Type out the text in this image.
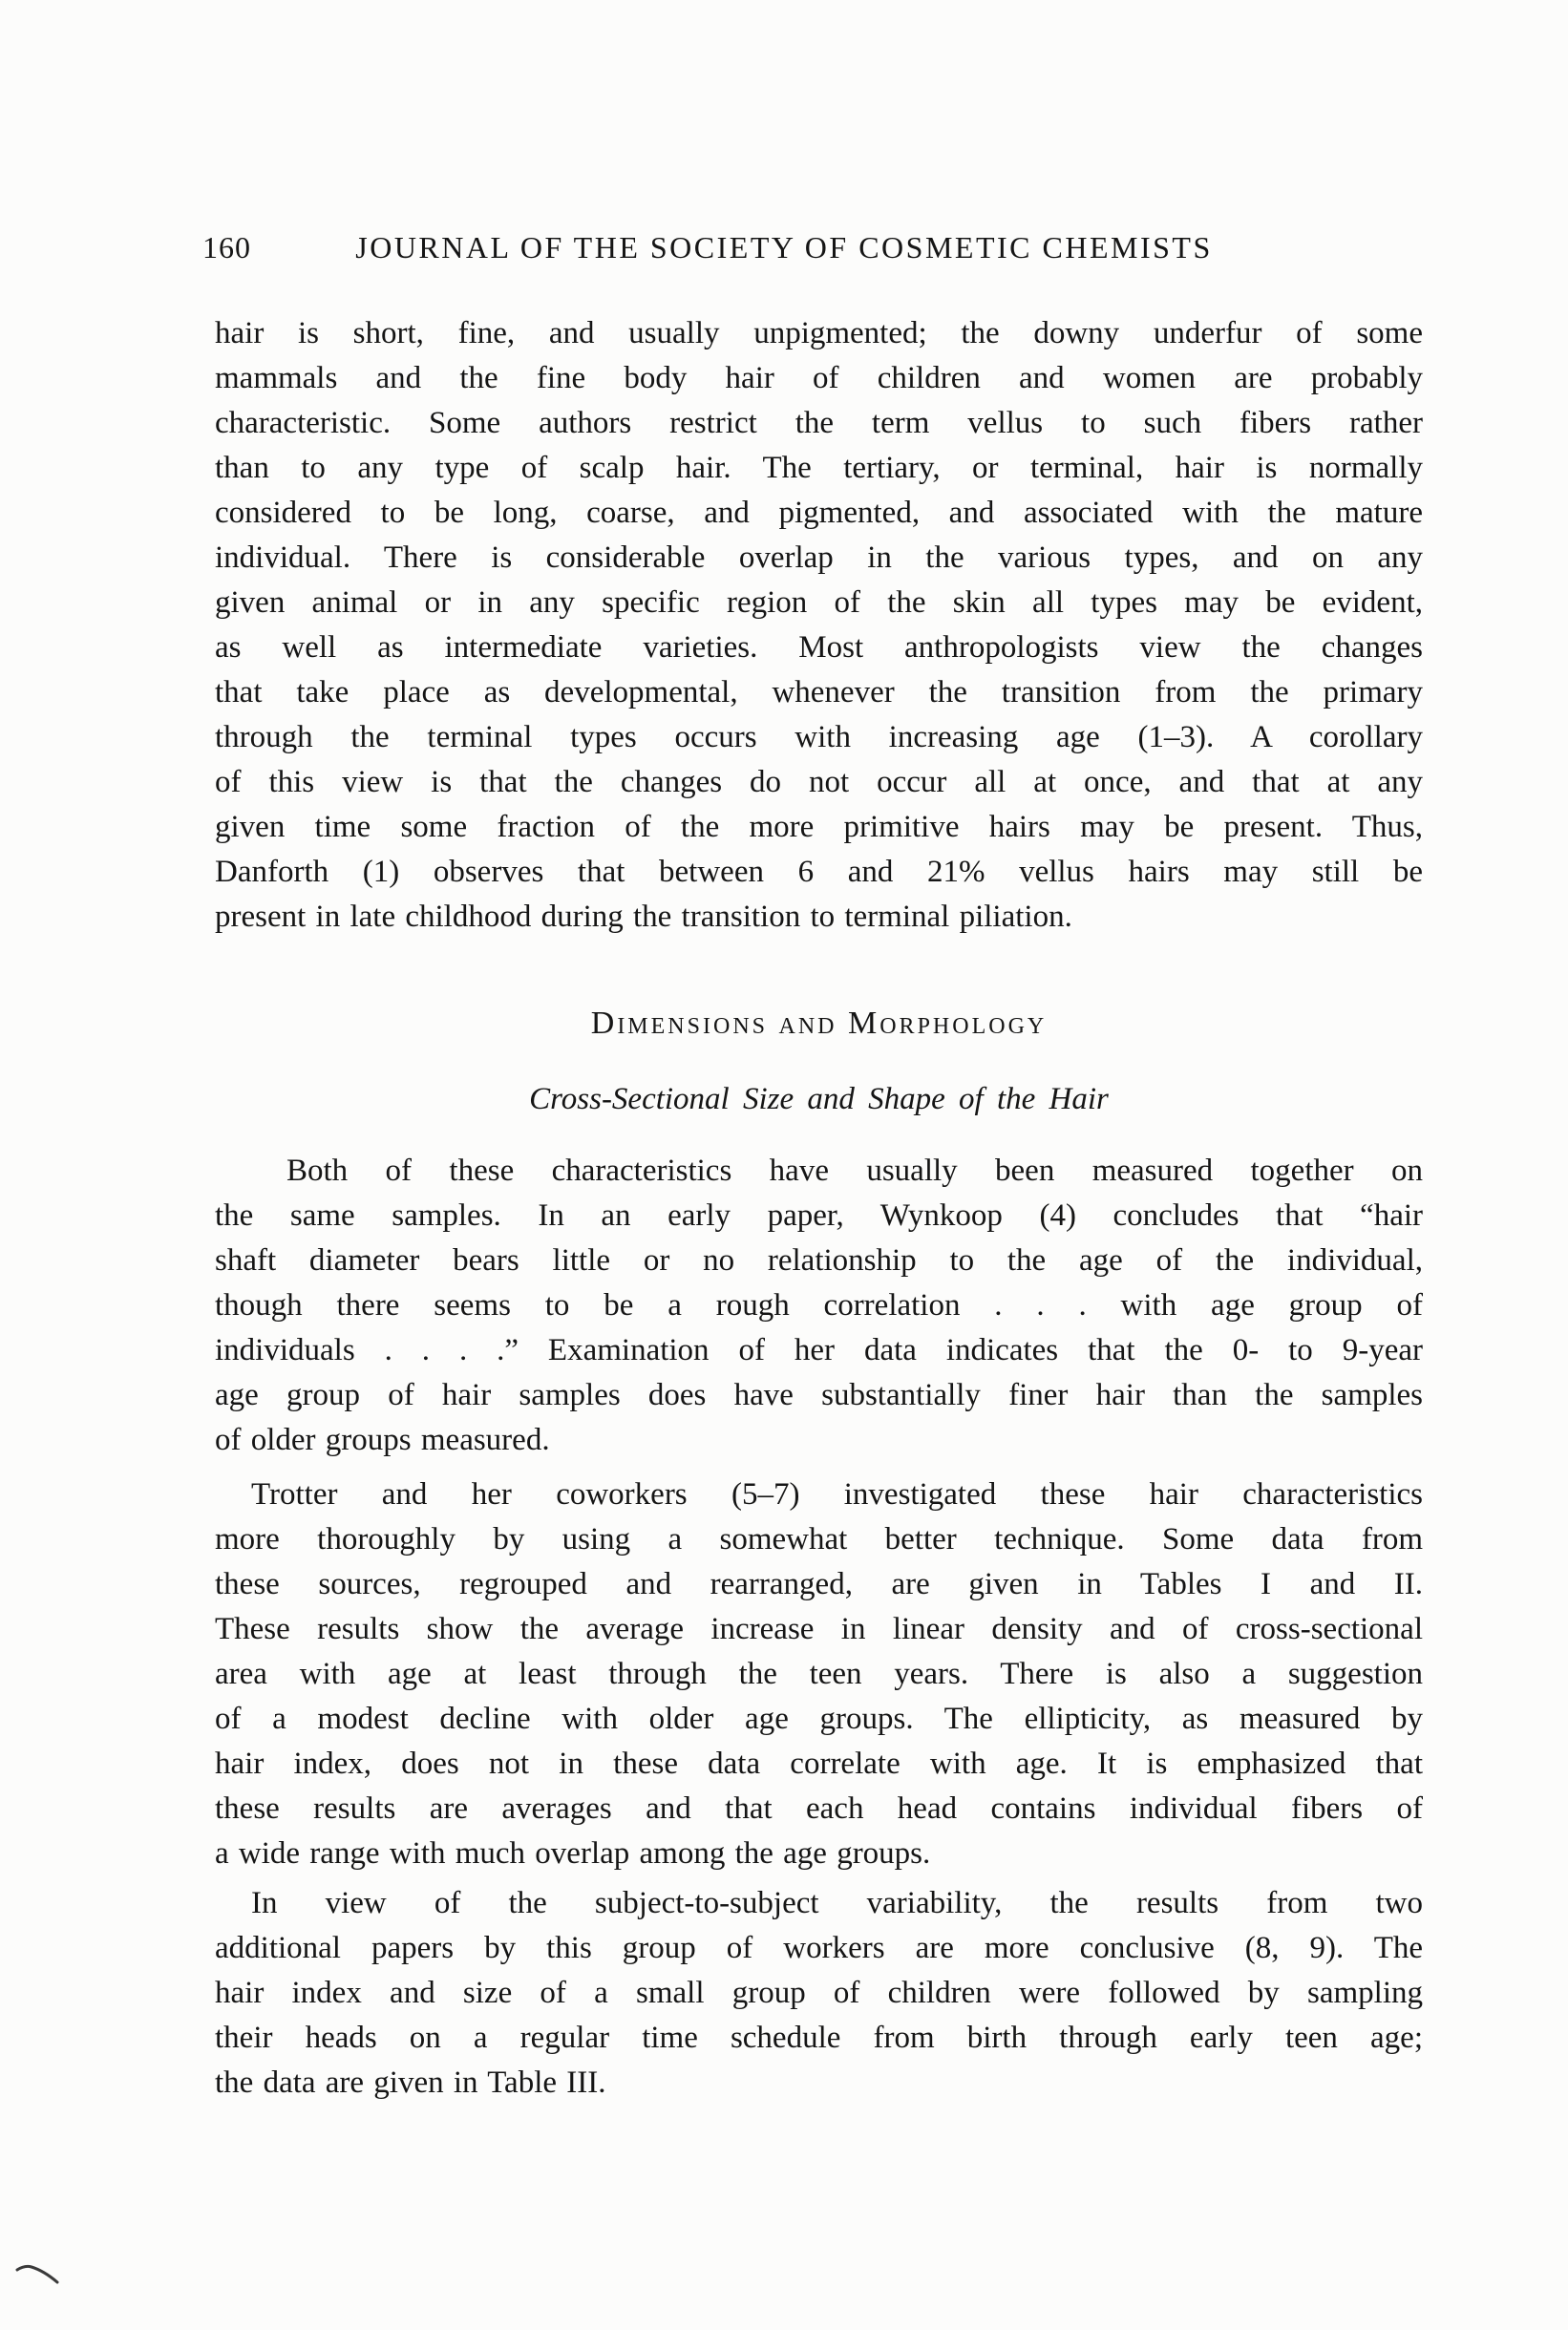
160	JOURNAL OF THE SOCIETY OF COSMETIC CHEMISTS
hair is short, fine, and usually unpigmented; the downy underfur of some
mammals and the fine body hair of children and women are probably
characteristic. Some authors restrict the term vellus to such fibers rather
than to any type of scalp hair. The tertiary, or terminal, hair is normally
considered to be long, coarse, and pigmented, and associated with the mature
individual. There is considerable overlap in the various types, and on any
given animal or in any specific region of the skin all types may be evident,
as well as intermediate varieties. Most anthropologists view the changes
that take place as developmental, whenever the transition from the primary
through the terminal types occurs with increasing age (1–3). A corollary
of this view is that the changes do not occur all at once, and that at any
given time some fraction of the more primitive hairs may be present. Thus,
Danforth (1) observes that between 6 and 21% vellus hairs may still be
present in late childhood during the transition to terminal piliation.
Dimensions and Morphology
Cross-Sectional Size and Shape of the Hair
Both of these characteristics have usually been measured together on
the same samples. In an early paper, Wynkoop (4) concludes that “hair
shaft diameter bears little or no relationship to the age of the individual,
though there seems to be a rough correlation . . . with age group of
individuals . . . .” Examination of her data indicates that the 0- to 9-year
age group of hair samples does have substantially finer hair than the samples
of older groups measured.
Trotter and her coworkers (5–7) investigated these hair characteristics
more thoroughly by using a somewhat better technique. Some data from
these sources, regrouped and rearranged, are given in Tables I and II.
These results show the average increase in linear density and of cross-sectional
area with age at least through the teen years. There is also a suggestion
of a modest decline with older age groups. The ellipticity, as measured by
hair index, does not in these data correlate with age. It is emphasized that
these results are averages and that each head contains individual fibers of
a wide range with much overlap among the age groups.
In view of the subject-to-subject variability, the results from two
additional papers by this group of workers are more conclusive (8, 9). The
hair index and size of a small group of children were followed by sampling
their heads on a regular time schedule from birth through early teen age;
the data are given in Table III.
